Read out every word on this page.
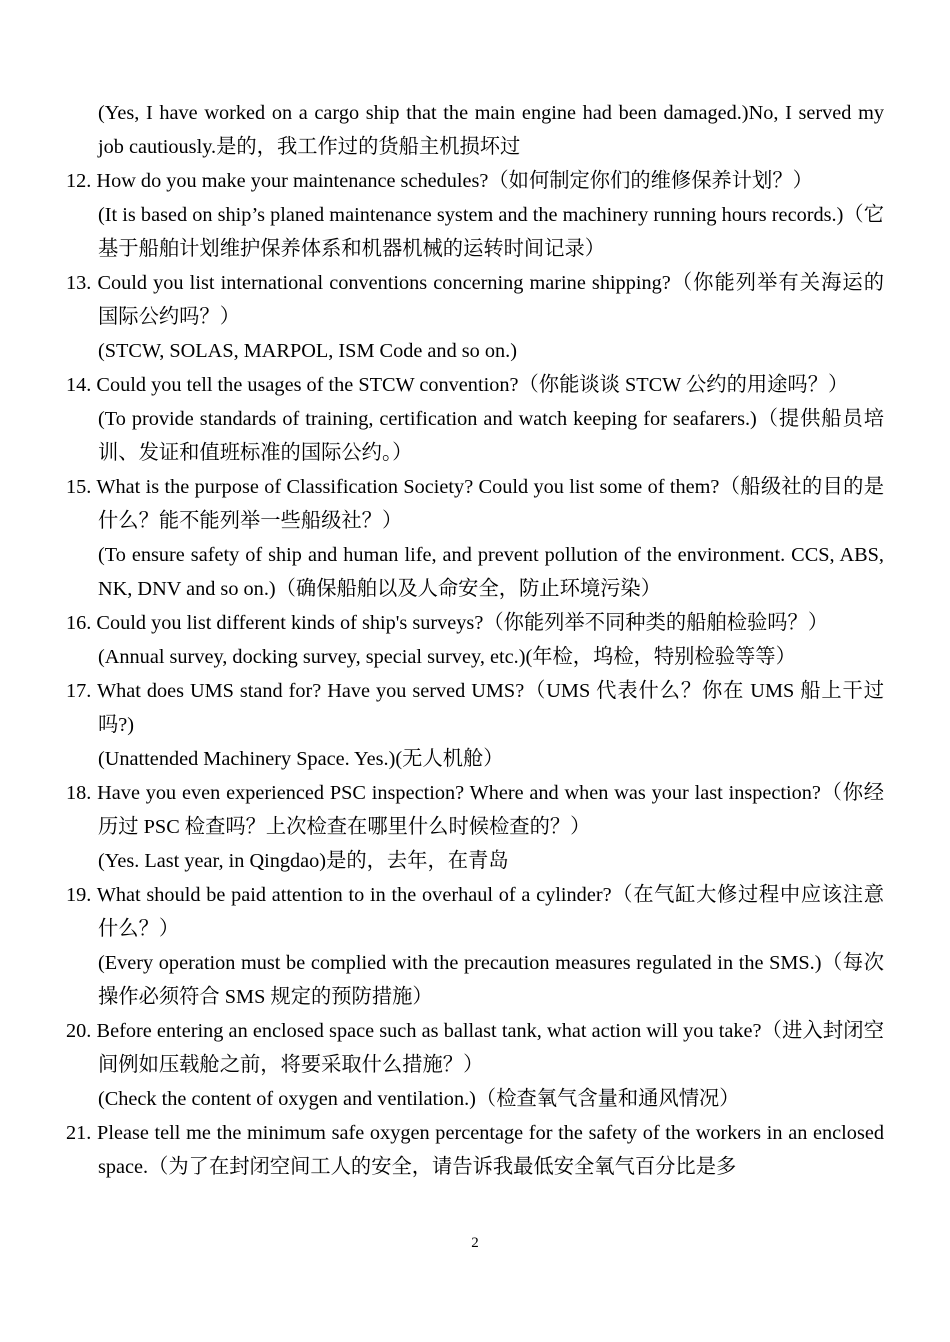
(Yes, I have worked on a cargo ship that the main engine had been damaged.)No, I served my job cautiously.是的，我工作过的货船主机损坏过

12. How do you make your maintenance schedules?（如何制定你们的维修保养计划？）

(It is based on ship’s planed maintenance system and the machinery running hours records.)（它基于船舶计划维护保养体系和机器机械的运转时间记录）

13. Could you list international conventions concerning marine shipping?（你能列举有关海运的国际公约吗？）

(STCW, SOLAS, MARPOL, ISM Code and so on.)

14. Could you tell the usages of the STCW convention?（你能谈谈 STCW 公约的用途吗？）

(To provide standards of training, certification and watch keeping for seafarers.)（提供船员培训、发证和值班标准的国际公约。）

15. What is the purpose of Classification Society? Could you list some of them?（船级社的目的是什么？能不能列举一些船级社？）

(To ensure safety of ship and human life, and prevent pollution of the environment. CCS, ABS, NK, DNV and so on.)（确保船舶以及人命安全，防止环境污染）

16. Could you list different kinds of ship's surveys?（你能列举不同种类的船舶检验吗？）

(Annual survey, docking survey, special survey, etc.)(年检，坞检，特别检验等等）

17. What does UMS stand for? Have you served UMS?（UMS 代表什么？你在 UMS 船上干过吗?)

(Unattended Machinery Space. Yes.)(无人机舱）

18. Have you even experienced PSC inspection? Where and when was your last inspection?（你经历过 PSC 检查吗？上次检查在哪里什么时候检查的？）

(Yes. Last year, in Qingdao)是的，去年，在青岛

19. What should be paid attention to in the overhaul of a cylinder?（在气缸大修过程中应该注意什么？）

(Every operation must be complied with the precaution measures regulated in the SMS.)（每次操作必须符合 SMS 规定的预防措施）

20. Before entering an enclosed space such as ballast tank, what action will you take?（进入封闭空间例如压载舱之前，将要采取什么措施？）

(Check the content of oxygen and ventilation.)（检查氧气含量和通风情况）

21. Please tell me the minimum safe oxygen percentage for the safety of the workers in an enclosed space.（为了在封闭空间工人的安全，请告诉我最低安全氧气百分比是多

2
